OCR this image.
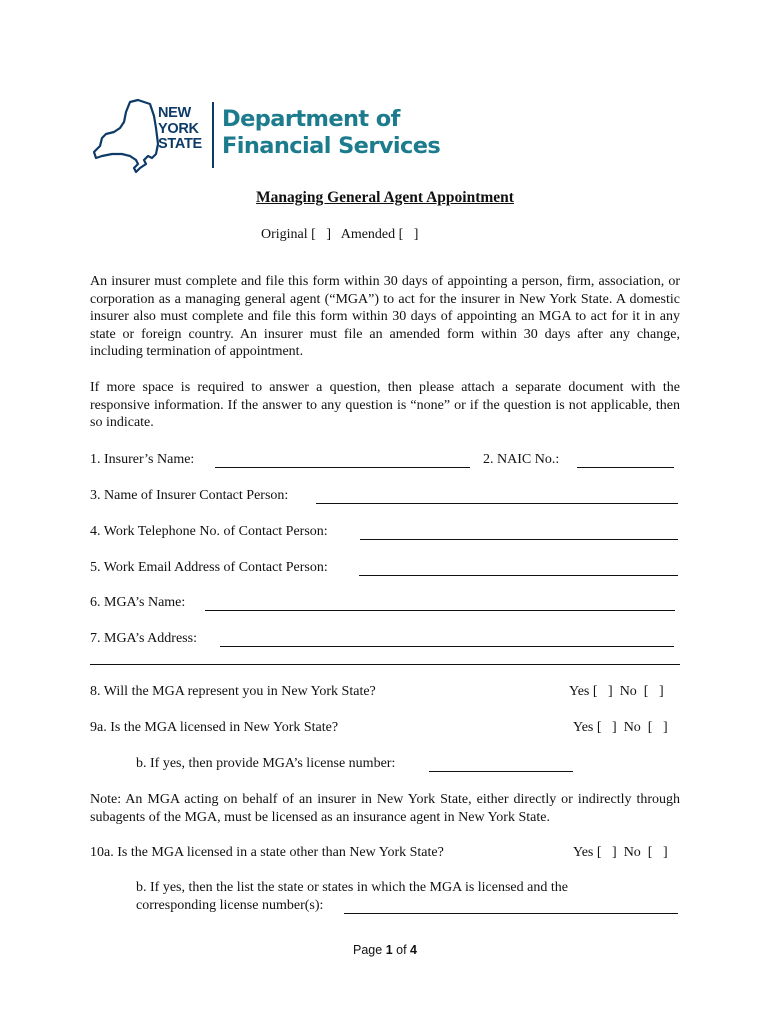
NEW
YORK
STATE
Department of
Financial Services
Managing General Agent Appointment
Original [   ]   Amended [   ]

An insurer must complete and file this form within 30 days of appointing a person, firm, association, or corporation as a managing general agent (“MGA”) to act for the insurer in New York State. A domestic insurer also must complete and file this form within 30 days of appointing an MGA to act for it in any state or foreign country. An insurer must file an amended form within 30 days after any change, including termination of appointment.

If more space is required to answer a question, then please attach a separate document with the responsive information. If the answer to any question is “none” or if the question is not applicable, then so indicate.

1. Insurer’s Name:	2. NAIC No.:
3. Name of Insurer Contact Person:
4. Work Telephone No. of Contact Person:
5. Work Email Address of Contact Person:
6. MGA’s Name:
7. MGA’s Address:
8. Will the MGA represent you in New York State?	Yes [   ]  No  [   ]
9a. Is the MGA licensed in New York State?	Yes [   ]  No  [   ]
b. If yes, then provide MGA’s license number:

Note: An MGA acting on behalf of an insurer in New York State, either directly or indirectly through subagents of the MGA, must be licensed as an insurance agent in New York State.

10a. Is the MGA licensed in a state other than New York State?	Yes [   ]  No  [   ]
b. If yes, then the list the state or states in which the MGA is licensed and the
corresponding license number(s):
Page 1 of 4
